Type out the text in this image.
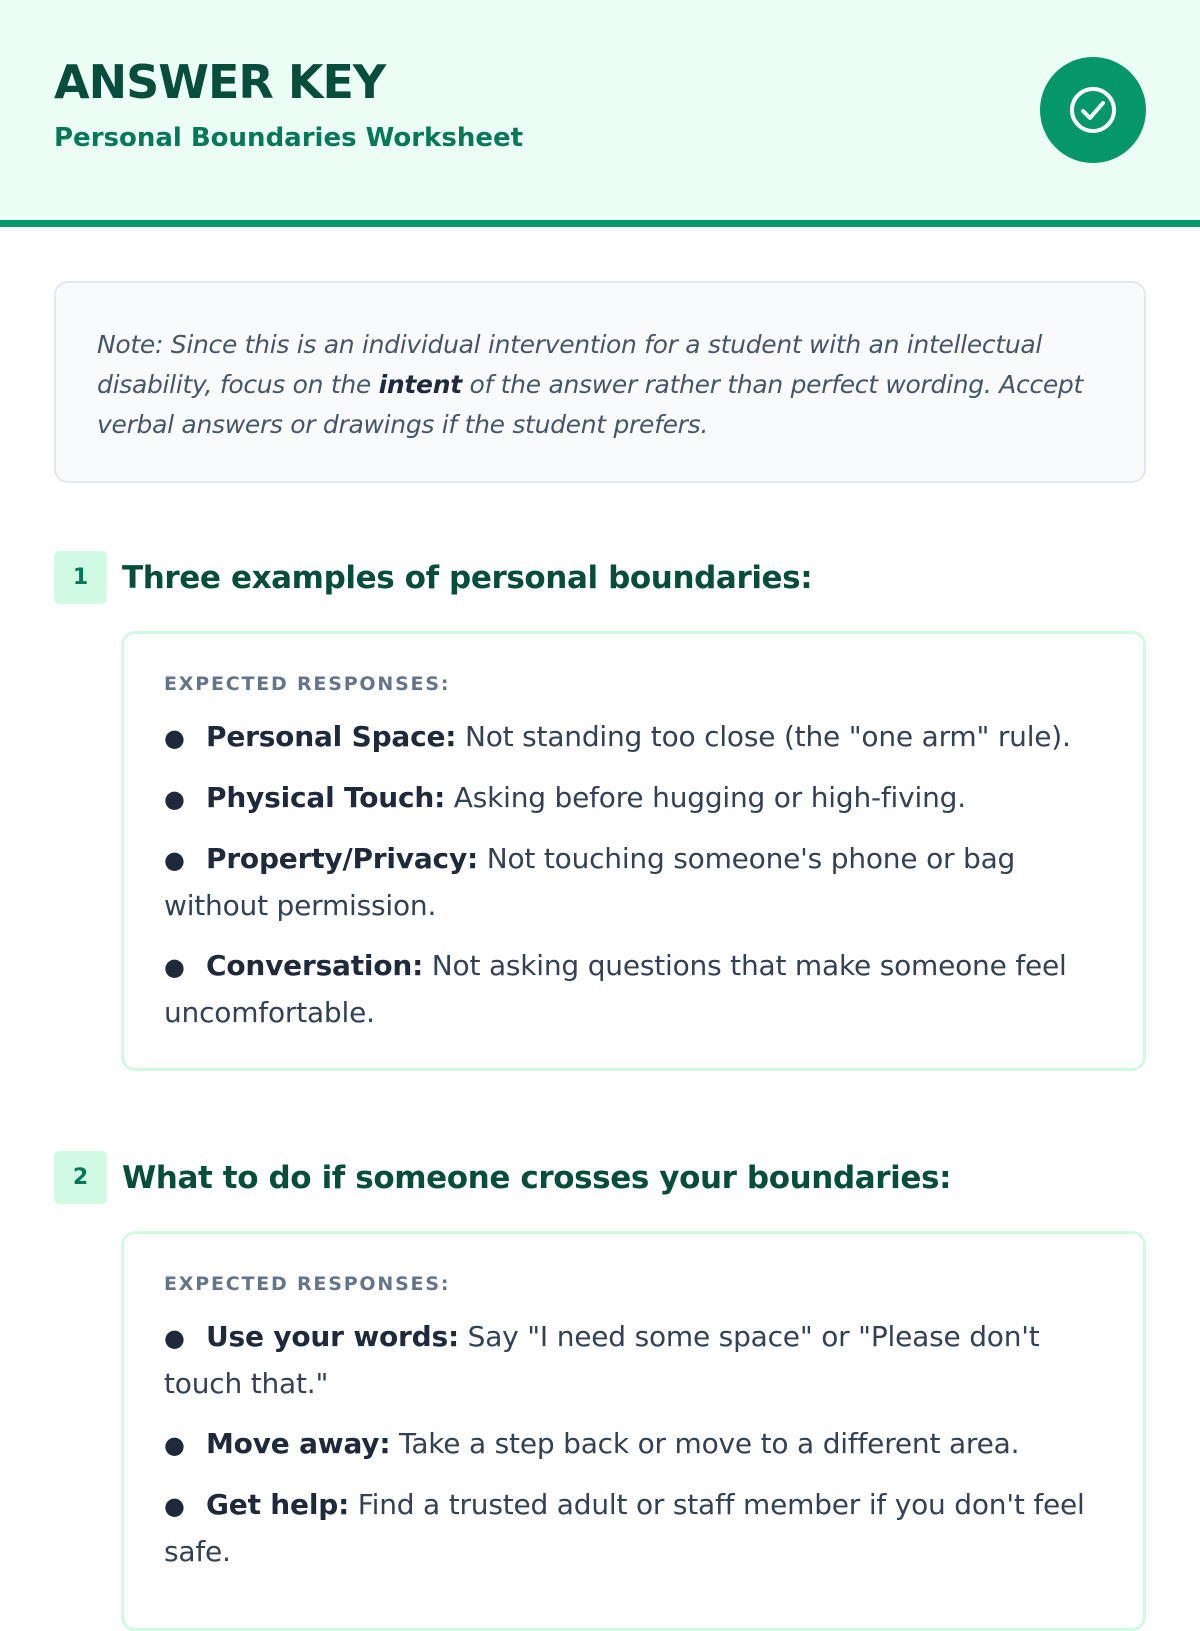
ANSWER KEY
Personal Boundaries Worksheet
Note: Since this is an individual intervention for a student with an intellectual disability, focus on the intent of the answer rather than perfect wording. Accept verbal answers or drawings if the student prefers.
1	Three examples of personal boundaries:
EXPECTED RESPONSES:
● Personal Space: Not standing too close (the "one arm" rule).
● Physical Touch: Asking before hugging or high-fiving.
● Property/Privacy: Not touching someone's phone or bag without permission.
● Conversation: Not asking questions that make someone feel uncomfortable.
2	What to do if someone crosses your boundaries:
EXPECTED RESPONSES:
● Use your words: Say "I need some space" or "Please don't touch that."
● Move away: Take a step back or move to a different area.
● Get help: Find a trusted adult or staff member if you don't feel safe.
